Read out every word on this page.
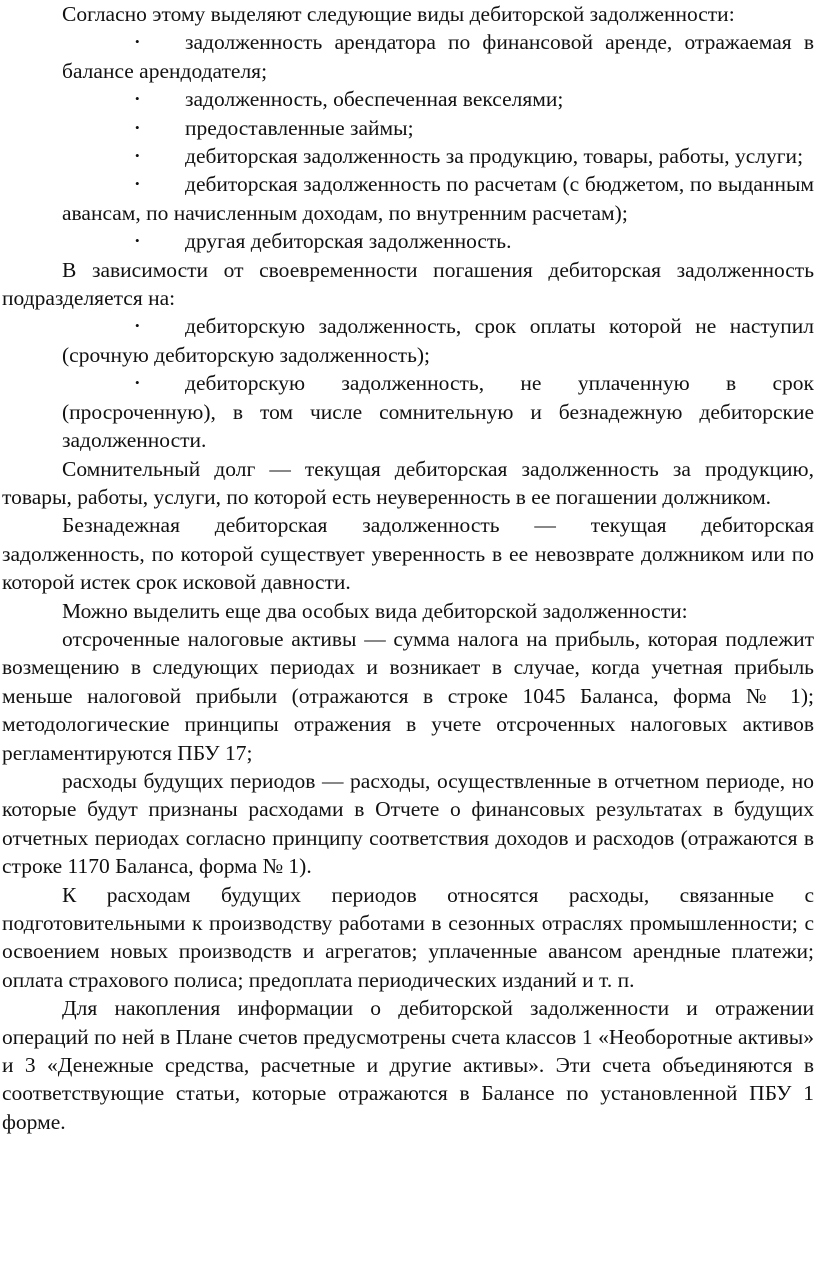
Согласно этому выделяют следующие виды дебиторской задолженности:

• задолженность арендатора по финансовой аренде, отражаемая в балансе арендодателя;

• задолженность, обеспеченная векселями;

• предоставленные займы;

• дебиторская задолженность за продукцию, товары, работы, услуги;

• дебиторская задолженность по расчетам (с бюджетом, по выданным авансам, по начисленным доходам, по внутренним расчетам);

• другая дебиторская задолженность.

В зависимости от своевременности погашения дебиторская задолженность подразделяется на:

• дебиторскую задолженность, срок оплаты которой не наступил (срочную дебиторскую задолженность);

• дебиторскую задолженность, не уплаченную в срок (просроченную), в том числе сомнительную и безнадежную дебиторские задолженности.

Сомнительный долг — текущая дебиторская задолженность за продукцию, товары, работы, услуги, по которой есть неуверенность в ее погашении должником.

Безнадежная дебиторская задолженность — текущая дебиторская задолженность, по которой существует уверенность в ее невозврате должником или по которой истек срок исковой давности.

Можно выделить еще два особых вида дебиторской задолженности:

отсроченные налоговые активы — сумма налога на прибыль, которая подлежит возмещению в следующих периодах и возникает в случае, когда учетная прибыль меньше налоговой прибыли (отражаются в строке 1045 Баланса, форма № 1); методологические принципы отражения в учете отсроченных налоговых активов регламентируются ПБУ 17;

расходы будущих периодов — расходы, осуществленные в отчетном периоде, но которые будут признаны расходами в Отчете о финансовых результатах в будущих отчетных периодах согласно принципу соответствия доходов и расходов (отражаются в строке 1170 Баланса, форма № 1).

К расходам будущих периодов относятся расходы, связанные с подготовительными к производству работами в сезонных отраслях промышленности; с освоением новых производств и агрегатов; уплаченные авансом арендные платежи; оплата страхового полиса; предоплата периодических изданий и т. п.

Для накопления информации о дебиторской задолженности и отражении операций по ней в Плане счетов предусмотрены счета классов 1 «Необоротные активы» и 3 «Денежные средства, расчетные и другие активы». Эти счета объединяются в соответствующие статьи, которые отражаются в Балансе по установленной ПБУ 1 форме.
